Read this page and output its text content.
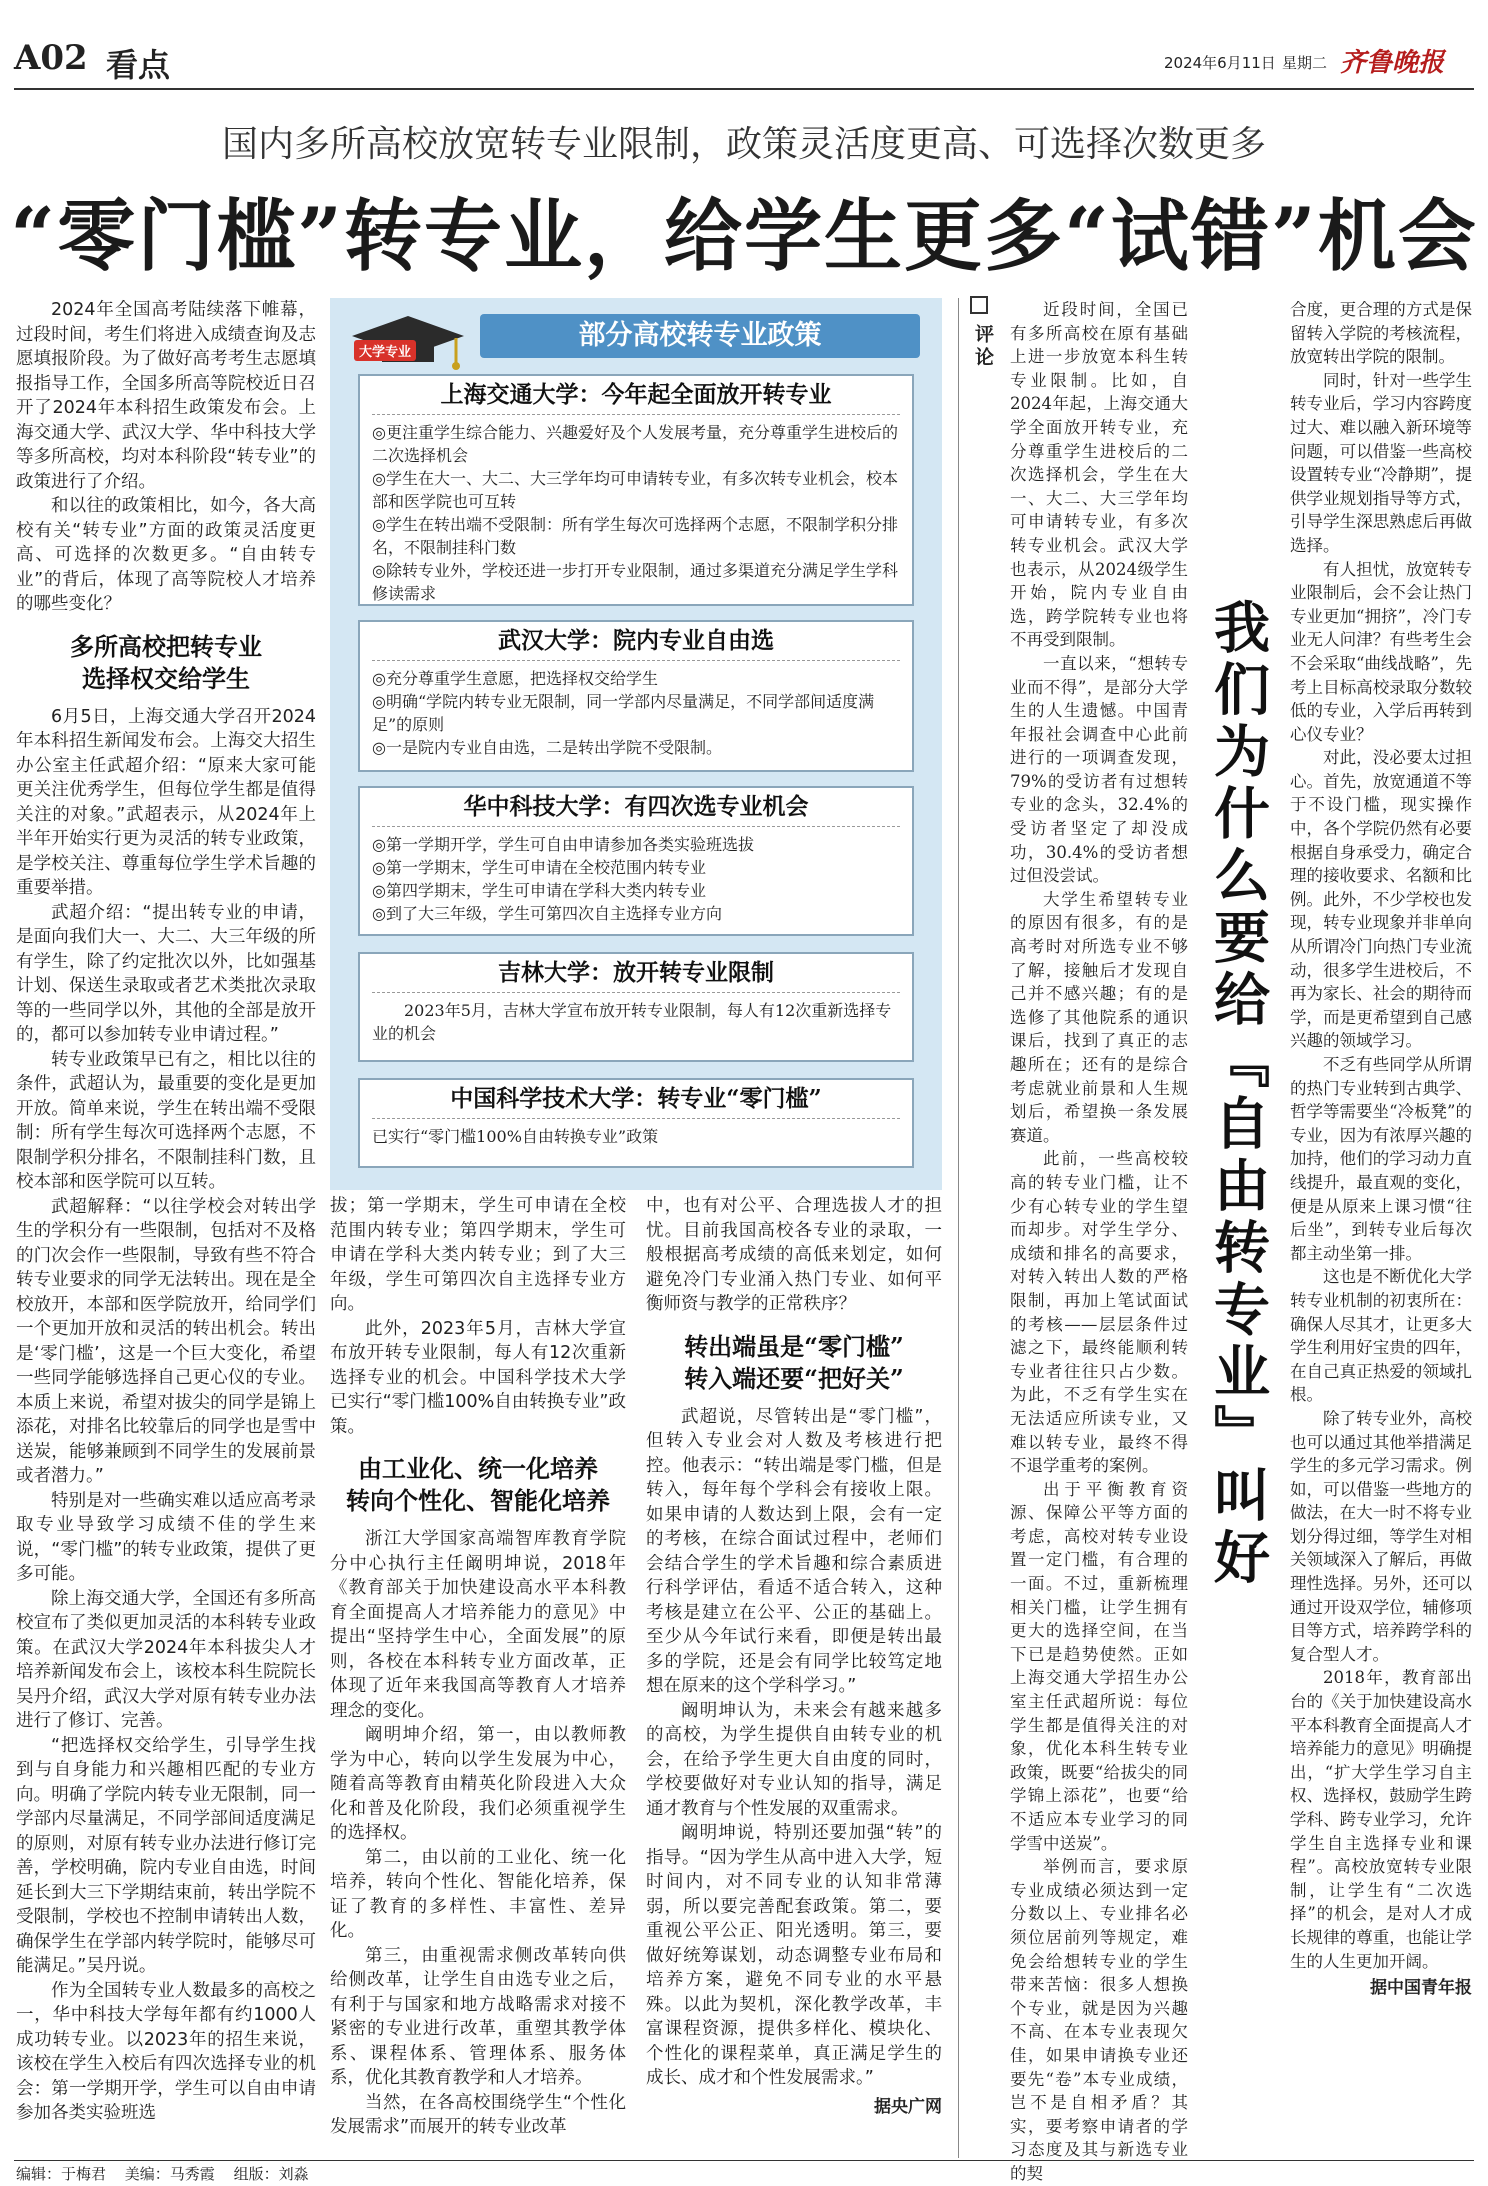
A02 看点	2024年6月11日 星期二 齐鲁晚报
国内多所高校放宽转专业限制，政策灵活度更高、可选择次数更多
“零门槛”转专业，给学生更多“试错”机会

2024年全国高考陆续落下帷幕，过段时间，考生们将进入成绩查询及志愿填报阶段。为了做好高考考生志愿填报指导工作，全国多所高等院校近日召开了2024年本科招生政策发布会。上海交通大学、武汉大学、华中科技大学等多所高校，均对本科阶段“转专业”的政策进行了介绍。

和以往的政策相比，如今，各大高校有关“转专业”方面的政策灵活度更高、可选择的次数更多。“自由转专业”的背后，体现了高等院校人才培养的哪些变化？

多所高校把转专业
选择权交给学生

6月5日，上海交通大学召开2024年本科招生新闻发布会。上海交大招生办公室主任武超介绍：“原来大家可能更关注优秀学生，但每位学生都是值得关注的对象。”武超表示，从2024年上半年开始实行更为灵活的转专业政策，是学校关注、尊重每位学生学术旨趣的重要举措。

武超介绍：“提出转专业的申请，是面向我们大一、大二、大三年级的所有学生，除了约定批次以外，比如强基计划、保送生录取或者艺术类批次录取等的一些同学以外，其他的全部是放开的，都可以参加转专业申请过程。”

转专业政策早已有之，相比以往的条件，武超认为，最重要的变化是更加开放。简单来说，学生在转出端不受限制：所有学生每次可选择两个志愿，不限制学积分排名，不限制挂科门数，且校本部和医学院可以互转。

武超解释：“以往学校会对转出学生的学积分有一些限制，包括对不及格的门次会作一些限制，导致有些不符合转专业要求的同学无法转出。现在是全校放开，本部和医学院放开，给同学们一个更加开放和灵活的转出机会。转出是‘零门槛’，这是一个巨大变化，希望一些同学能够选择自己更心仪的专业。本质上来说，希望对拔尖的同学是锦上添花，对排名比较靠后的同学也是雪中送炭，能够兼顾到不同学生的发展前景或者潜力。”

特别是对一些确实难以适应高考录取专业导致学习成绩不佳的学生来说，“零门槛”的转专业政策，提供了更多可能。

除上海交通大学，全国还有多所高校宣布了类似更加灵活的本科转专业政策。在武汉大学2024年本科拔尖人才培养新闻发布会上，该校本科生院院长吴丹介绍，武汉大学对原有转专业办法进行了修订、完善。

“把选择权交给学生，引导学生找到与自身能力和兴趣相匹配的专业方向。明确了学院内转专业无限制，同一学部内尽量满足，不同学部间适度满足的原则，对原有转专业办法进行修订完善，学校明确，院内专业自由选，时间延长到大三下学期结束前，转出学院不受限制，学校也不控制申请转出人数，确保学生在学部内转学院时，能够尽可能满足。”吴丹说。

作为全国转专业人数最多的高校之一，华中科技大学每年都有约1000人成功转专业。以2023年的招生来说，该校在学生入校后有四次选择专业的机会：第一学期开学，学生可以自由申请参加各类实验班选

大学专业
部分高校转专业政策
上海交通大学：今年起全面放开转专业

◎更注重学生综合能力、兴趣爱好及个人发展考量，充分尊重学生进校后的二次选择机会

◎学生在大一、大二、大三学年均可申请转专业，有多次转专业机会，校本部和医学院也可互转

◎学生在转出端不受限制：所有学生每次可选择两个志愿，不限制学积分排名，不限制挂科门数

◎除转专业外，学校还进一步打开专业限制，通过多渠道充分满足学生学科修读需求

武汉大学：院内专业自由选

◎充分尊重学生意愿，把选择权交给学生

◎明确“学院内转专业无限制，同一学部内尽量满足，不同学部间适度满足”的原则

◎一是院内专业自由选，二是转出学院不受限制。

华中科技大学：有四次选专业机会

◎第一学期开学，学生可自由申请参加各类实验班选拔

◎第一学期末，学生可申请在全校范围内转专业

◎第四学期末，学生可申请在学科大类内转专业

◎到了大三年级，学生可第四次自主选择专业方向

吉林大学：放开转专业限制

2023年5月，吉林大学宣布放开转专业限制，每人有12次重新选择专业的机会

中国科学技术大学：转专业“零门槛”

已实行“零门槛100%自由转换专业”政策

拔；第一学期末，学生可申请在全校范围内转专业；第四学期末，学生可申请在学科大类内转专业；到了大三年级，学生可第四次自主选择专业方向。

此外，2023年5月，吉林大学宣布放开转专业限制，每人有12次重新选择专业的机会。中国科学技术大学已实行“零门槛100%自由转换专业”政策。

由工业化、统一化培养
转向个性化、智能化培养

浙江大学国家高端智库教育学院分中心执行主任阚明坤说，2018年《教育部关于加快建设高水平本科教育全面提高人才培养能力的意见》中提出“坚持学生中心，全面发展”的原则，各校在本科转专业方面改革，正体现了近年来我国高等教育人才培养理念的变化。

阚明坤介绍，第一，由以教师教学为中心，转向以学生发展为中心，随着高等教育由精英化阶段进入大众化和普及化阶段，我们必须重视学生的选择权。

第二，由以前的工业化、统一化培养，转向个性化、智能化培养，保证了教育的多样性、丰富性、差异化。

第三，由重视需求侧改革转向供给侧改革，让学生自由选专业之后，有利于与国家和地方战略需求对接不紧密的专业进行改革，重塑其教学体系、课程体系、管理体系、服务体系，优化其教育教学和人才培养。

当然，在各高校围绕学生“个性化发展需求”而展开的转专业改革

中，也有对公平、合理选拔人才的担忧。目前我国高校各专业的录取，一般根据高考成绩的高低来划定，如何避免冷门专业涌入热门专业、如何平衡师资与教学的正常秩序？

转出端虽是“零门槛”
转入端还要“把好关”

武超说，尽管转出是“零门槛”，但转入专业会对人数及考核进行把控。他表示：“转出端是零门槛，但是转入，每年每个学科会有接收上限。如果申请的人数达到上限，会有一定的考核，在综合面试过程中，老师们会结合学生的学术旨趣和综合素质进行科学评估，看适不适合转入，这种考核是建立在公平、公正的基础上。至少从今年试行来看，即便是转出最多的学院，还是会有同学比较笃定地想在原来的这个学科学习。”

阚明坤认为，未来会有越来越多的高校，为学生提供自由转专业的机会，在给予学生更大自由度的同时，学校要做好对专业认知的指导，满足通才教育与个性发展的双重需求。

阚明坤说，特别还要加强“转”的指导。“因为学生从高中进入大学，短时间内，对不同专业的认知非常薄弱，所以要完善配套政策。第二，要重视公平公正、阳光透明。第三，要做好统筹谋划，动态调整专业布局和培养方案，避免不同专业的水平悬殊。以此为契机，深化教学改革，丰富课程资源，提供多样化、模块化、个性化的课程菜单，真正满足学生的成长、成才和个性发展需求。”

据央广网
评论

近段时间，全国已有多所高校在原有基础上进一步放宽本科生转专业限制。比如，自2024年起，上海交通大学全面放开转专业，充分尊重学生进校后的二次选择机会，学生在大一、大二、大三学年均可申请转专业，有多次转专业机会。武汉大学也表示，从2024级学生开始，院内专业自由选，跨学院转专业也将不再受到限制。

一直以来，“想转专业而不得”，是部分大学生的人生遗憾。中国青年报社会调查中心此前进行的一项调查发现，79%的受访者有过想转专业的念头，32.4%的受访者坚定了却没成功，30.4%的受访者想过但没尝试。

大学生希望转专业的原因有很多，有的是高考时对所选专业不够了解，接触后才发现自己并不感兴趣；有的是选修了其他院系的通识课后，找到了真正的志趣所在；还有的是综合考虑就业前景和人生规划后，希望换一条发展赛道。

此前，一些高校较高的转专业门槛，让不少有心转专业的学生望而却步。对学生学分、成绩和排名的高要求，对转入转出人数的严格限制，再加上笔试面试的考核——层层条件过滤之下，最终能顺利转专业者往往只占少数。为此，不乏有学生实在无法适应所读专业，又难以转专业，最终不得不退学重考的案例。

出于平衡教育资源、保障公平等方面的考虑，高校对转专业设置一定门槛，有合理的一面。不过，重新梳理相关门槛，让学生拥有更大的选择空间，在当下已是趋势使然。正如上海交通大学招生办公室主任武超所说：每位学生都是值得关注的对象，优化本科生转专业政策，既要“给拔尖的同学锦上添花”，也要“给不适应本专业学习的同学雪中送炭”。

举例而言，要求原专业成绩必须达到一定分数以上、专业排名必须位居前列等规定，难免会给想转专业的学生带来苦恼：很多人想换个专业，就是因为兴趣不高、在本专业表现欠佳，如果申请换专业还要先“卷”本专业成绩，岂不是自相矛盾？其实，要考察申请者的学习态度及其与新选专业的契

我们为什么要给『自由转专业』叫好

合度，更合理的方式是保留转入学院的考核流程，放宽转出学院的限制。

同时，针对一些学生转专业后，学习内容跨度过大、难以融入新环境等问题，可以借鉴一些高校设置转专业“冷静期”，提供学业规划指导等方式，引导学生深思熟虑后再做选择。

有人担忧，放宽转专业限制后，会不会让热门专业更加“拥挤”，冷门专业无人问津？有些考生会不会采取“曲线战略”，先考上目标高校录取分数较低的专业，入学后再转到心仪专业？

对此，没必要太过担心。首先，放宽通道不等于不设门槛，现实操作中，各个学院仍然有必要根据自身承受力，确定合理的接收要求、名额和比例。此外，不少学校也发现，转专业现象并非单向从所谓冷门向热门专业流动，很多学生进校后，不再为家长、社会的期待而学，而是更希望到自己感兴趣的领域学习。

不乏有些同学从所谓的热门专业转到古典学、哲学等需要坐“冷板凳”的专业，因为有浓厚兴趣的加持，他们的学习动力直线提升，最直观的变化，便是从原来上课习惯“往后坐”，到转专业后每次都主动坐第一排。

这也是不断优化大学转专业机制的初衷所在：确保人尽其才，让更多大学生利用好宝贵的四年，在自己真正热爱的领域扎根。

除了转专业外，高校也可以通过其他举措满足学生的多元学习需求。例如，可以借鉴一些地方的做法，在大一时不将专业划分得过细，等学生对相关领域深入了解后，再做理性选择。另外，还可以通过开设双学位，辅修项目等方式，培养跨学科的复合型人才。

2018年，教育部出台的《关于加快建设高水平本科教育全面提高人才培养能力的意见》明确提出，“扩大学生学习自主权、选择权，鼓励学生跨学科、跨专业学习，允许学生自主选择专业和课程”。高校放宽转专业限制，让学生有“二次选择”的机会，是对人才成长规律的尊重，也能让学生的人生更加开阔。

据中国青年报
编辑：于梅君 美编：马秀霞 组版：刘淼
